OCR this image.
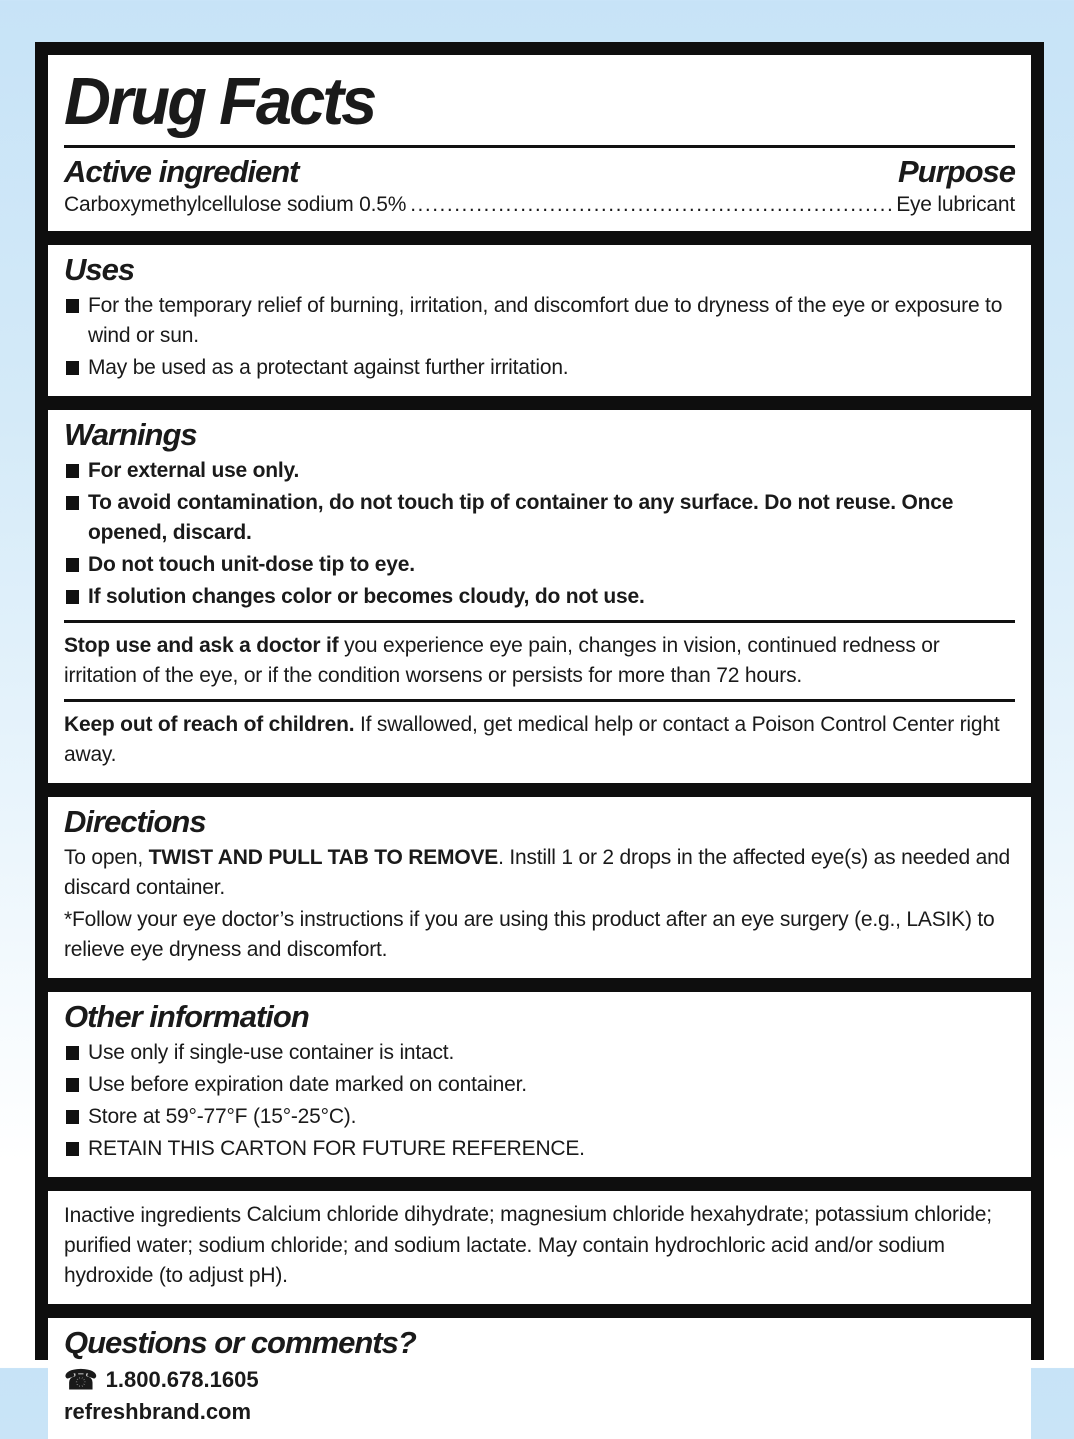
Drug Facts
Active ingredient	Purpose
Carboxymethylcellulose sodium 0.5% .....	Eye lubricant
Uses
For the temporary relief of burning, irritation, and discomfort due to dryness of the eye or exposure to wind or sun.
May be used as a protectant against further irritation.
Warnings
For external use only.
To avoid contamination, do not touch tip of container to any surface. Do not reuse. Once opened, discard.
Do not touch unit-dose tip to eye.
If solution changes color or becomes cloudy, do not use.

Stop use and ask a doctor if you experience eye pain, changes in vision, continued redness or irritation of the eye, or if the condition worsens or persists for more than 72 hours.

Keep out of reach of children. If swallowed, get medical help or contact a Poison Control Center right away.

Directions

To open, TWIST AND PULL TAB TO REMOVE. Instill 1 or 2 drops in the affected eye(s) as needed and discard container.

*Follow your eye doctor’s instructions if you are using this product after an eye surgery (e.g., LASIK) to relieve eye dryness and discomfort.

Other information
Use only if single-use container is intact.
Use before expiration date marked on container.
Store at 59°-77°F (15°-25°C).
RETAIN THIS CARTON FOR FUTURE REFERENCE.

Inactive ingredients Calcium chloride dihydrate; magnesium chloride hexahydrate; potassium chloride; purified water; sodium chloride; and sodium lactate. May contain hydrochloric acid and/or sodium hydroxide (to adjust pH).

Questions or comments?
☎ 1.800.678.1605
refreshbrand.com
